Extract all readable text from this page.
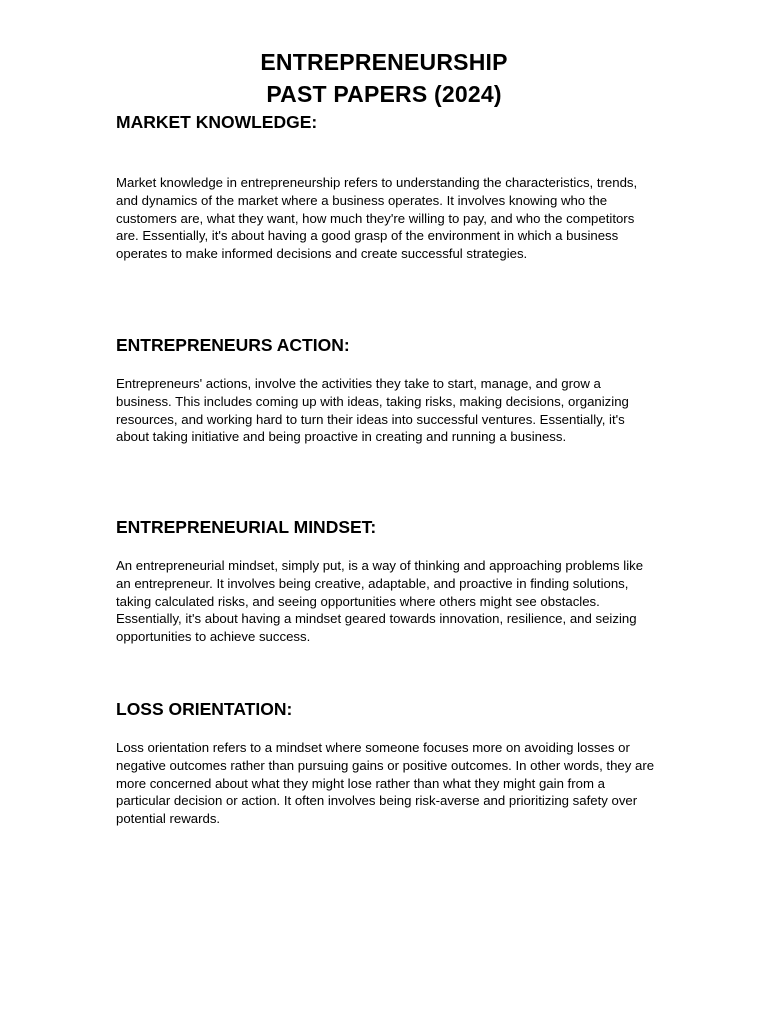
ENTREPRENEURSHIP
PAST PAPERS (2024)
MARKET KNOWLEDGE:

Market knowledge in entrepreneurship refers to understanding the characteristics, trends, and dynamics of the market where a business operates. It involves knowing who the customers are, what they want, how much they're willing to pay, and who the competitors are. Essentially, it's about having a good grasp of the environment in which a business operates to make informed decisions and create successful strategies.

ENTREPRENEURS ACTION:

Entrepreneurs' actions, involve the activities they take to start, manage, and grow a business. This includes coming up with ideas, taking risks, making decisions, organizing resources, and working hard to turn their ideas into successful ventures. Essentially, it's about taking initiative and being proactive in creating and running a business.

ENTREPRENEURIAL MINDSET:

An entrepreneurial mindset, simply put, is a way of thinking and approaching problems like an entrepreneur. It involves being creative, adaptable, and proactive in finding solutions, taking calculated risks, and seeing opportunities where others might see obstacles. Essentially, it's about having a mindset geared towards innovation, resilience, and seizing opportunities to achieve success.

LOSS ORIENTATION:

Loss orientation refers to a mindset where someone focuses more on avoiding losses or negative outcomes rather than pursuing gains or positive outcomes. In other words, they are more concerned about what they might lose rather than what they might gain from a particular decision or action. It often involves being risk-averse and prioritizing safety over potential rewards.
